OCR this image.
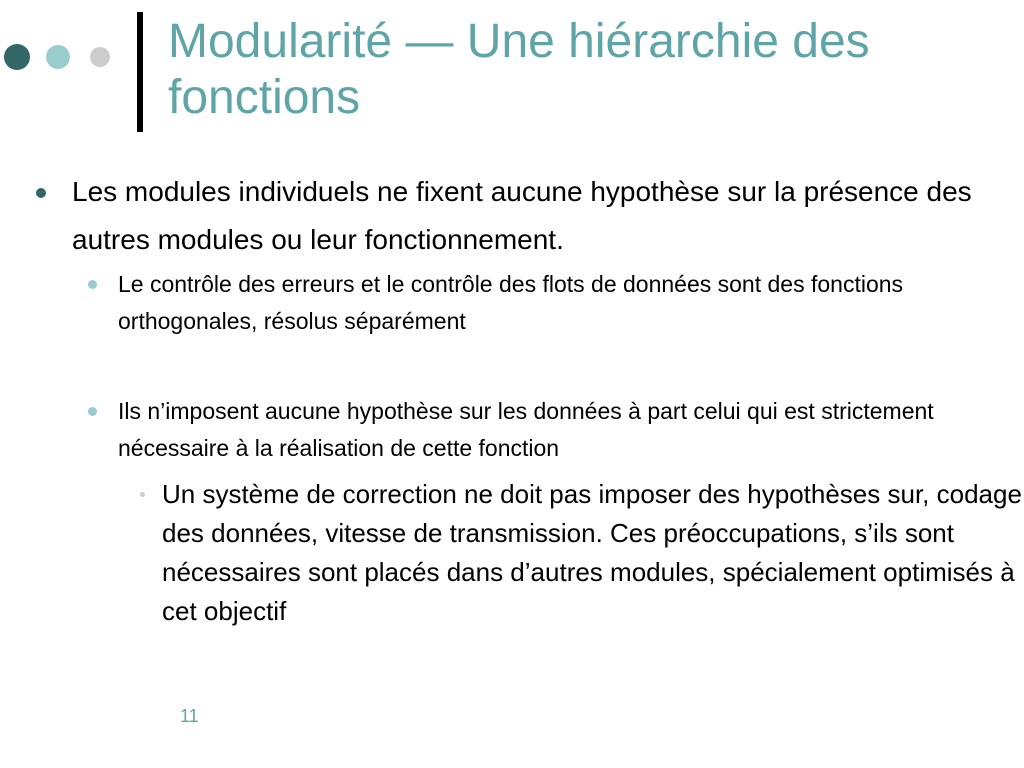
Modularité — Une hiérarchie des fonctions
Les modules individuels ne fixent aucune hypothèse sur la présence des autres modules ou leur fonctionnement.
Le contrôle des erreurs et le contrôle des flots de données sont des fonctions orthogonales, résolus séparément
Ils n’imposent aucune hypothèse sur les données à part celui qui est strictement nécessaire à la réalisation de cette fonction
Un système de correction ne doit pas imposer des hypothèses sur, codage des données, vitesse de transmission. Ces préoccupations, s’ils sont nécessaires sont placés dans d’autres modules, spécialement optimisés à cet objectif
11
